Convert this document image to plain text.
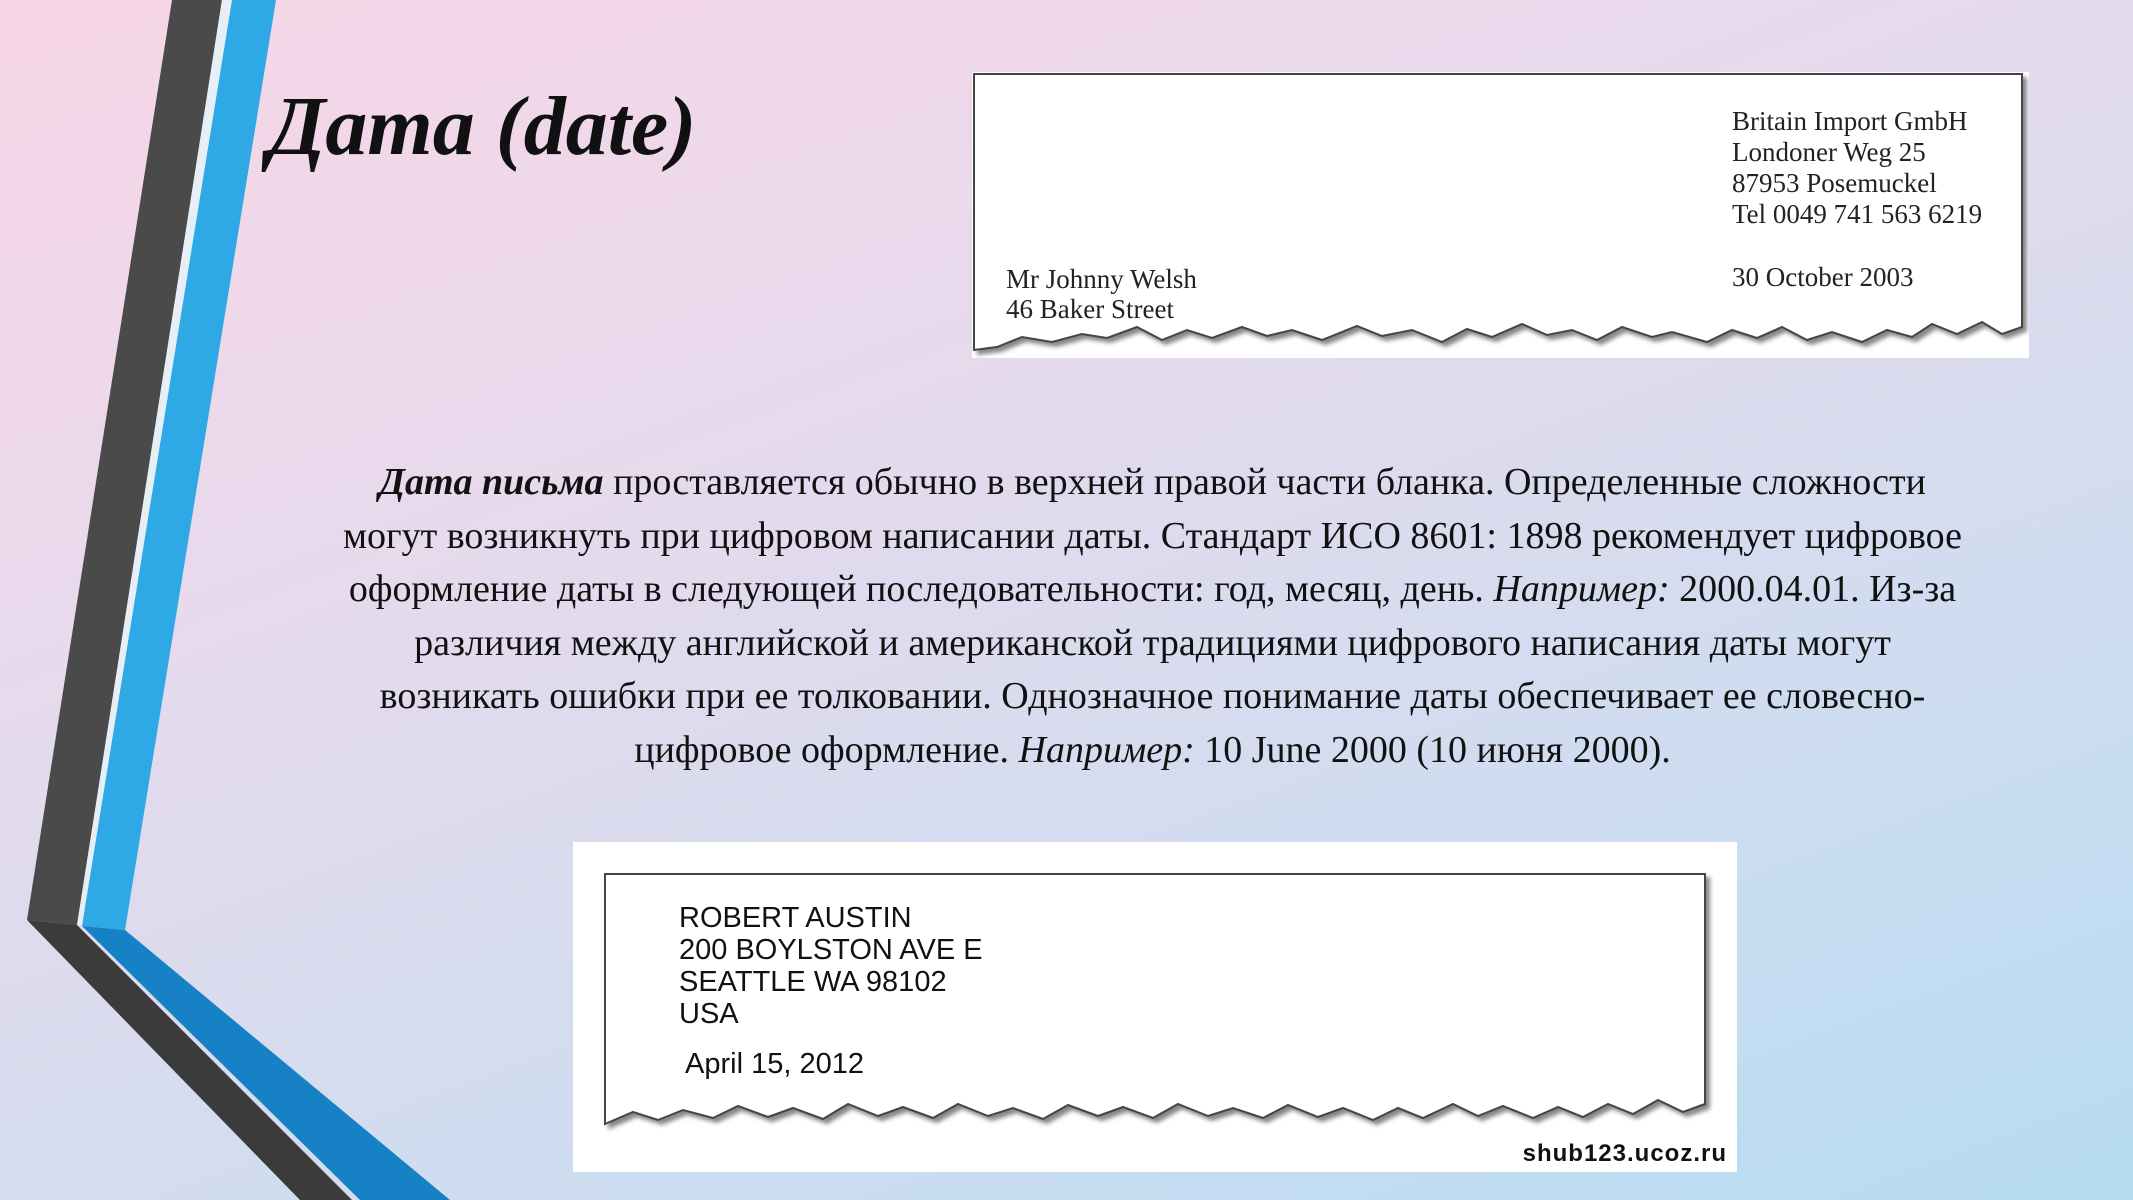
Дата (date)	Britain Import GmbH
Londoner Weg 25
87953 Posemuckel
Tel 0049 741 563 6219
30 October 2003
Mr Johnny Welsh
46 Baker Street
Дата письма проставляется обычно в верхней правой части бланка. Определенные сложности
могут возникнуть при цифровом написании даты. Стандарт ИСО 8601: 1898 рекомендует цифровое
оформление даты в следующей последовательности: год, месяц, день. Например: 2000.04.01. Из-за
различия между английской и американской традициями цифрового написания даты могут
возникать ошибки при ее толковании. Однозначное понимание даты обеспечивает ее словесно-
цифровое оформление. Например: 10 June 2000 (10 июня 2000).
ROBERT AUSTIN
200 BOYLSTON AVE E
SEATTLE WA 98102
USA
April 15, 2012
shub123.ucoz.ru
